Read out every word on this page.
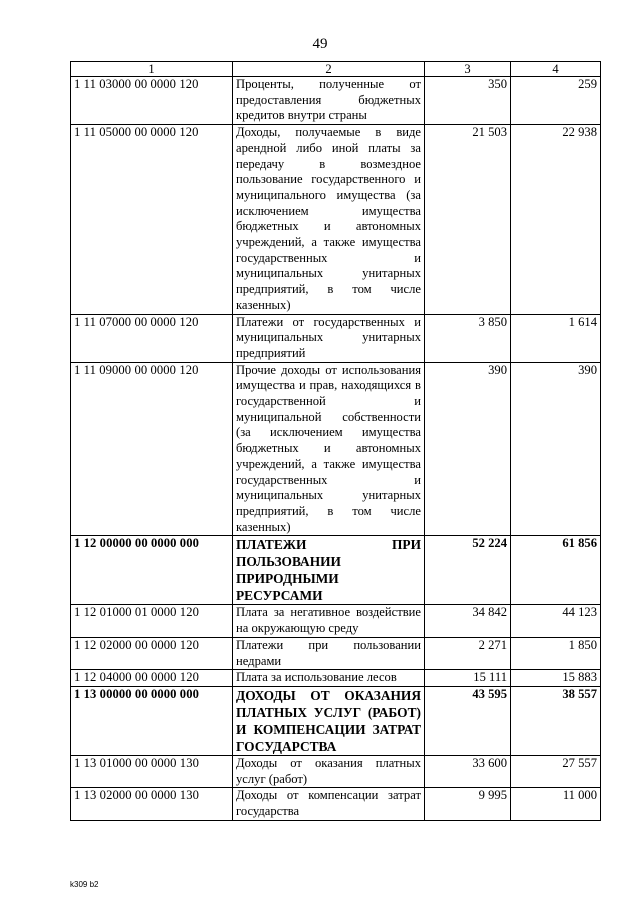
49
1	2	3	4
1 11 03000 00 0000 120	Проценты, полученные от предоставления бюджетных кредитов внутри страны	350	259
1 11 05000 00 0000 120	Доходы, получаемые в виде арендной либо иной платы за передачу в возмездное пользование государственного и муниципального имущества (за исключением имущества бюджетных и автономных учреждений, а также имущества государственных и муниципальных унитарных предприятий, в том числе казенных)	21 503	22 938
1 11 07000 00 0000 120	Платежи от государственных и муниципальных унитарных предприятий	3 850	1 614
1 11 09000 00 0000 120	Прочие доходы от использования имущества и прав, находящихся в государственной и муниципальной собственности (за исключением имущества бюджетных и автономных учреждений, а также имущества государственных и муниципальных унитарных предприятий, в том числе казенных)	390	390
1 12 00000 00 0000 000	ПЛАТЕЖИ ПРИ ПОЛЬЗОВАНИИ ПРИРОДНЫМИ РЕСУРСАМИ	52 224	61 856
1 12 01000 01 0000 120	Плата за негативное воздействие на окружающую среду	34 842	44 123
1 12 02000 00 0000 120	Платежи при пользовании недрами	2 271	1 850
1 12 04000 00 0000 120	Плата за использование лесов	15 111	15 883
1 13 00000 00 0000 000	ДОХОДЫ ОТ ОКАЗАНИЯ ПЛАТНЫХ УСЛУГ (РАБОТ) И КОМПЕНСАЦИИ ЗАТРАТ ГОСУДАРСТВА	43 595	38 557
1 13 01000 00 0000 130	Доходы от оказания платных услуг (работ)	33 600	27 557
1 13 02000 00 0000 130	Доходы от компенсации затрат государства	9 995	11 000
k309 b2
